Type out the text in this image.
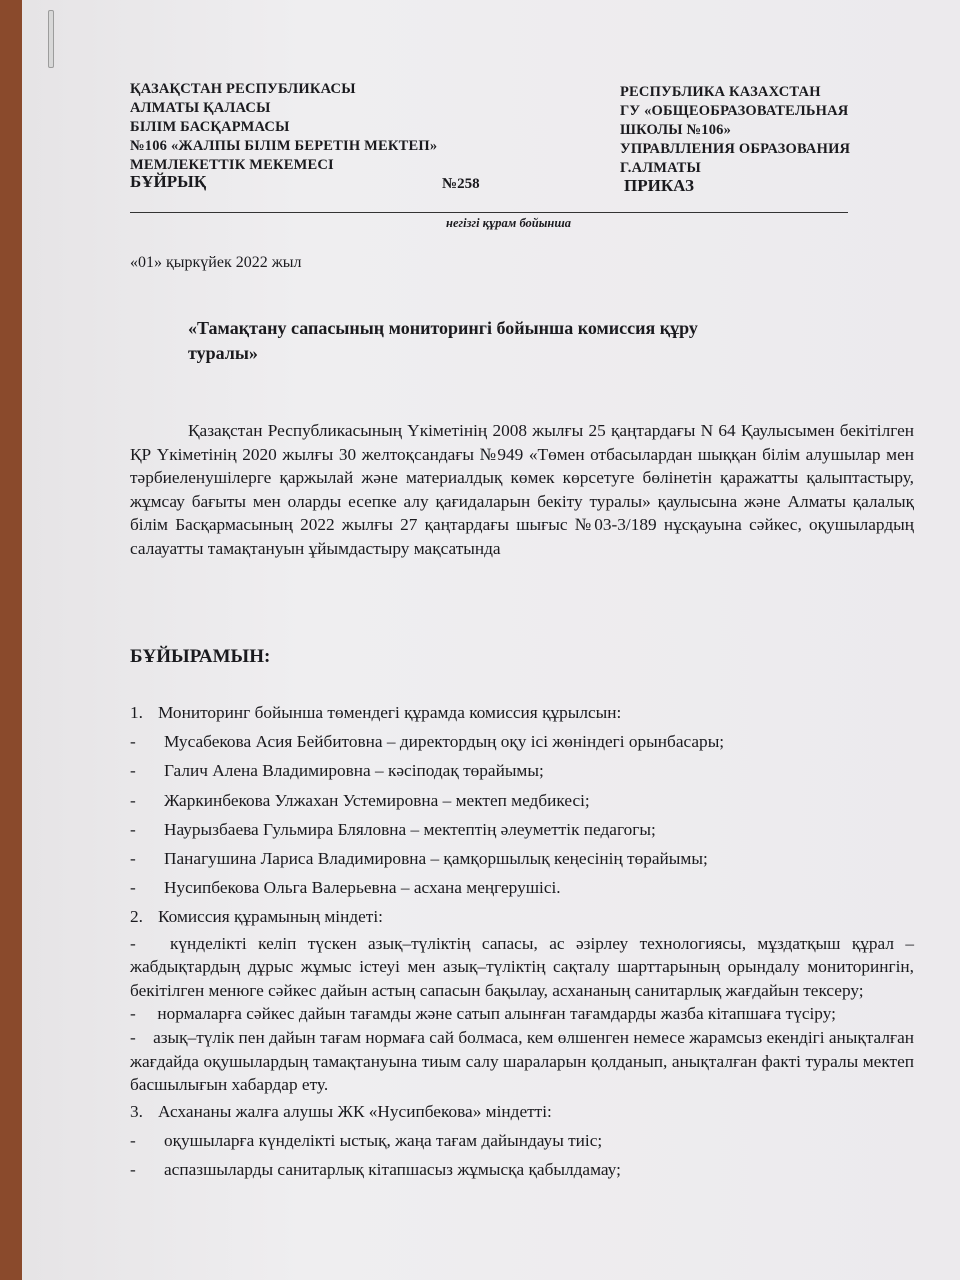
ҚАЗАҚСТАН РЕСПУБЛИКАСЫ
АЛМАТЫ ҚАЛАСЫ
БІЛІМ БАСҚАРМАСЫ
№106 «ЖАЛПЫ БІЛІМ БЕРЕТІН МЕКТЕП»
МЕМЛЕКЕТТІК МЕКЕМЕСІ
РЕСПУБЛИКА КАЗАХСТАН
ГУ «ОБЩЕОБРАЗОВАТЕЛЬНАЯ
ШКОЛЫ №106»
УПРАВЛЛЕНИЯ ОБРАЗОВАНИЯ
Г.АЛМАТЫ
БҰЙРЫҚ	№258	ПРИКАЗ
негізгі құрам бойынша
«01» қыркүйек 2022 жыл
«Тамақтану сапасының мониторингі бойынша комиссия құру туралы»
Қазақстан Республикасының Үкіметінің 2008 жылғы 25 қаңтардағы N 64 Қаулысымен бекітілген ҚР Үкіметінің 2020 жылғы 30 желтоқсандағы №949 «Төмен отбасылардан шыққан білім алушылар мен тәрбиеленушілерге қаржылай және материалдық көмек көрсетуге бөлінетін қаражатты қалыптастыру, жұмсау бағыты мен оларды есепке алу қағидаларын бекіту туралы» қаулысына және Алматы қалалық білім Басқармасының 2022 жылғы 27 қаңтардағы шығыс №03-3/189 нұсқауына сәйкес, оқушылардың салауатты тамақтануын ұйымдастыру мақсатында
БҰЙЫРАМЫН:
1. Мониторинг бойынша төмендегі құрамда комиссия құрылсын:
-	Мусабекова Асия Бейбитовна – директордың оқу ісі жөніндегі орынбасары;
-	Галич Алена Владимировна – кәсіподақ төрайымы;
-	Жаркинбекова Улжахан Устемировна – мектеп медбикесі;
-	Наурызбаева Гульмира Бляловна – мектептің әлеуметтік педагогы;
-	Панагушина Лариса Владимировна – қамқоршылық кеңесінің төрайымы;
-	Нусипбекова Ольга Валерьевна – асхана меңгерушісі.
2. Комиссия құрамының міндеті:

-   күнделікті келіп түскен азық–түліктің сапасы, ас әзірлеу технологиясы, мұздатқыш құрал – жабдықтардың дұрыс жұмыс істеуі мен азық–түліктің сақталу шарттарының орындалу мониторингін, бекітілген менюге сәйкес дайын астың сапасын бақылау, асхананың санитарлық жағдайын тексеру;

-     нормаларға сәйкес дайын тағамды және сатып алынған тағамдарды жазба кітапшаға түсіру;

-    азық–түлік пен дайын тағам нормаға сай болмаса, кем өлшенген немесе жарамсыз екендігі анықталған жағдайда оқушылардың тамақтануына тиым салу шараларын қолданып, анықталған факті туралы мектеп басшылығын хабардар ету.

3. Асхананы жалға алушы ЖК «Нусипбекова» міндетті:
-	оқушыларға күнделікті ыстық, жаңа тағам дайындауы тиіс;
-	аспазшыларды санитарлық кітапшасыз жұмысқа қабылдамау;
